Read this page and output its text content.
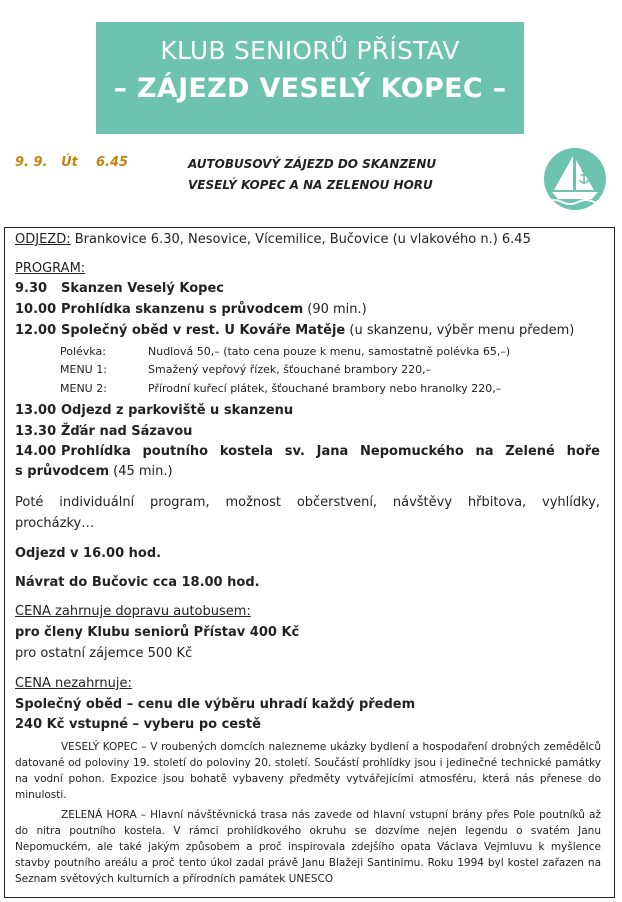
KLUB SENIORŮ PŘÍSTAV
– ZÁJEZD VESELÝ KOPEC –
9. 9. Út 6.45	AUTOBUSOVÝ ZÁJEZD DO SKANZENU
VESELÝ KOPEC A NA ZELENOU HORU
ODJEZD: Brankovice 6.30, Nesovice, Vícemilice, Bučovice (u vlakového n.) 6.45
PROGRAM:
9.30 Skanzen Veselý Kopec
10.00 Prohlídka skanzenu s průvodcem (90 min.)
12.00 Společný oběd v rest. U Kováře Matěje (u skanzenu, výběr menu předem)
Polévka:	Nudlová 50,– (tato cena pouze k menu, samostatně polévka 65,–)
MENU 1:	Smažený vepřový řízek, šťouchané brambory 220,–
MENU 2:	Přírodní kuřecí plátek, šťouchané brambory nebo hranolky 220,–
13.00 Odjezd z parkoviště u skanzenu
13.30 Žďár nad Sázavou
14.00 Prohlídka poutního kostela sv. Jana Nepomuckého na Zelené hoře
s průvodcem (45 min.)
Poté individuální program, možnost občerstvení, návštěvy hřbitova, vyhlídky, procházky…
Odjezd v 16.00 hod.
Návrat do Bučovic cca 18.00 hod.
CENA zahrnuje dopravu autobusem:
pro členy Klubu seniorů Přístav 400 Kč
pro ostatní zájemce 500 Kč
CENA nezahrnuje:
Společný oběd – cenu dle výběru uhradí každý předem
240 Kč vstupné – vyberu po cestě
VESELÝ KOPEC – V roubených domcích nalezneme ukázky bydlení a hospodaření drobných zemědělců datované od poloviny 19. století do poloviny 20. století. Součástí prohlídky jsou i jedinečné technické památky na vodní pohon. Expozice jsou bohatě vybaveny předměty vytvářejícími atmosféru, která nás přenese do minulosti.
ZELENÁ HORA – Hlavní návštěvnická trasa nás zavede od hlavní vstupní brány přes Pole poutníků až do nitra poutního kostela. V rámci prohlídkového okruhu se dozvíme nejen legendu o svatém Janu Nepomuckém, ale také jakým způsobem a proč inspirovala zdejšího opata Václava Vejmluvu k myšlence stavby poutního areálu a proč tento úkol zadal právě Janu Blažeji Santinimu. Roku 1994 byl kostel zařazen na Seznam světových kulturních a přírodních památek UNESCO
